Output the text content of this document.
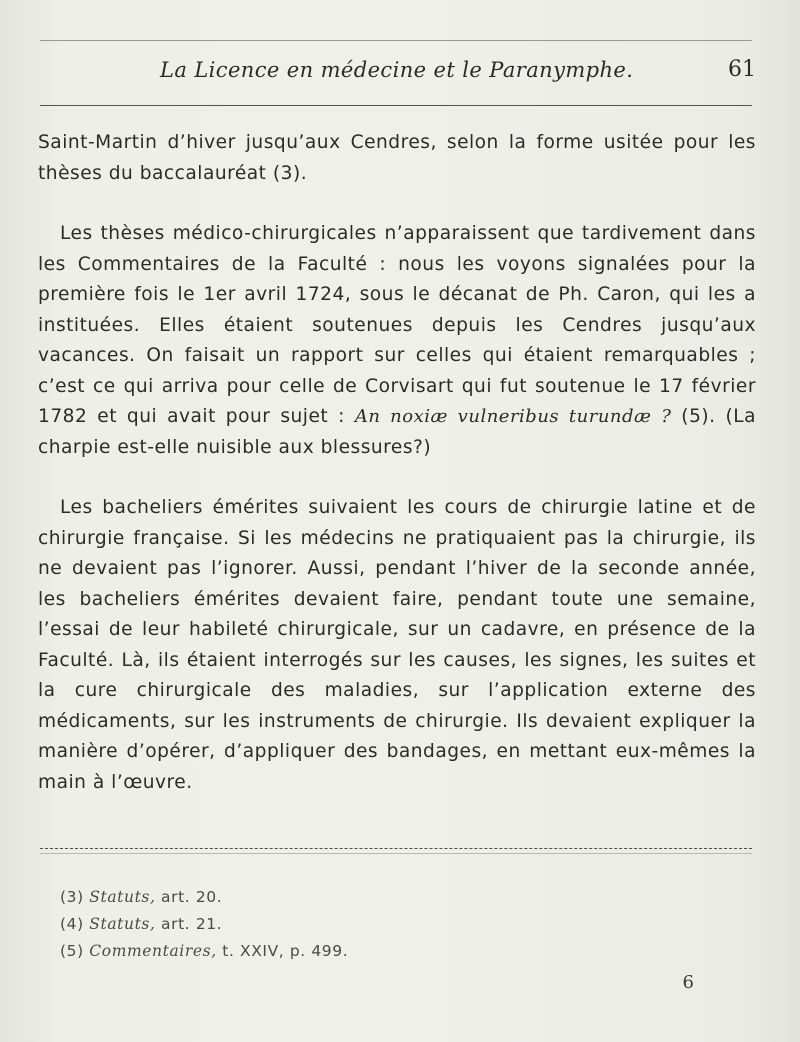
La Licence en médecine et le Paranymphe.	61

Saint-Martin d’hiver jusqu’aux Cendres, selon la forme usitée pour les thèses du baccalauréat (3).

Les thèses médico-chirurgicales n’apparaissent que tardivement dans les Commentaires de la Faculté : nous les voyons signalées pour la première fois le 1er avril 1724, sous le décanat de Ph. Caron, qui les a instituées. Elles étaient soutenues depuis les Cendres jusqu’aux vacances. On faisait un rapport sur celles qui étaient remarquables ; c’est ce qui arriva pour celle de Corvisart qui fut soutenue le 17 février 1782 et qui avait pour sujet : An noxiæ vulneribus turundæ ? (5). (La charpie est-elle nuisible aux blessures?)

Les bacheliers émérites suivaient les cours de chirurgie latine et de chirurgie française. Si les médecins ne pratiquaient pas la chirurgie, ils ne devaient pas l’ignorer. Aussi, pendant l’hiver de la seconde année, les bacheliers émérites devaient faire, pendant toute une semaine, l’essai de leur habileté chirurgicale, sur un cadavre, en présence de la Faculté. Là, ils étaient interrogés sur les causes, les signes, les suites et la cure chirurgicale des maladies, sur l’application externe des médicaments, sur les instruments de chirurgie. Ils devaient expliquer la manière d’opérer, d’appliquer des bandages, en mettant eux-mêmes la main à l’œuvre.

(3) Statuts, art. 20.
(4) Statuts, art. 21.
(5) Commentaires, t. XXIV, p. 499.
6
